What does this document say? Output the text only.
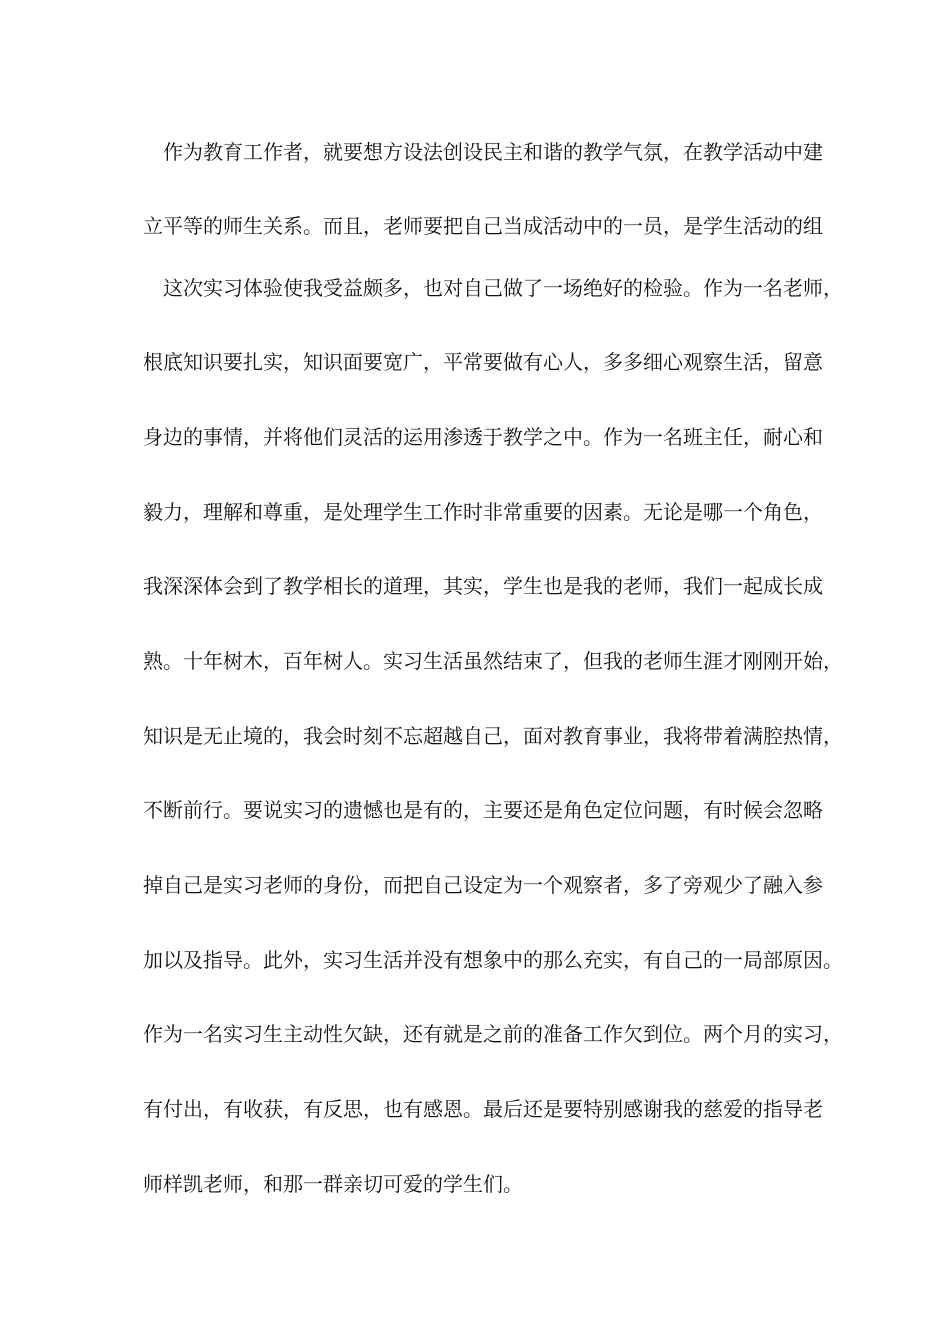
作为教育工作者，就要想方设法创设民主和谐的教学气氛，在教学活动中建
立平等的师生关系。而且，老师要把自己当成活动中的一员，是学生活动的组
这次实习体验使我受益颇多，也对自己做了一场绝好的检验。作为一名老师，
根底知识要扎实，知识面要宽广，平常要做有心人，多多细心观察生活，留意
身边的事情，并将他们灵活的运用渗透于教学之中。作为一名班主任，耐心和
毅力，理解和尊重，是处理学生工作时非常重要的因素。无论是哪一个角色，
我深深体会到了教学相长的道理，其实，学生也是我的老师，我们一起成长成
熟。十年树木，百年树人。实习生活虽然结束了，但我的老师生涯才刚刚开始，
知识是无止境的，我会时刻不忘超越自己，面对教育事业，我将带着满腔热情，
不断前行。要说实习的遗憾也是有的，主要还是角色定位问题，有时候会忽略
掉自己是实习老师的身份，而把自己设定为一个观察者，多了旁观少了融入参
加以及指导。此外，实习生活并没有想象中的那么充实，有自己的一局部原因。
作为一名实习生主动性欠缺，还有就是之前的准备工作欠到位。两个月的实习，
有付出，有收获，有反思，也有感恩。最后还是要特别感谢我的慈爱的指导老
师样凯老师，和那一群亲切可爱的学生们。
